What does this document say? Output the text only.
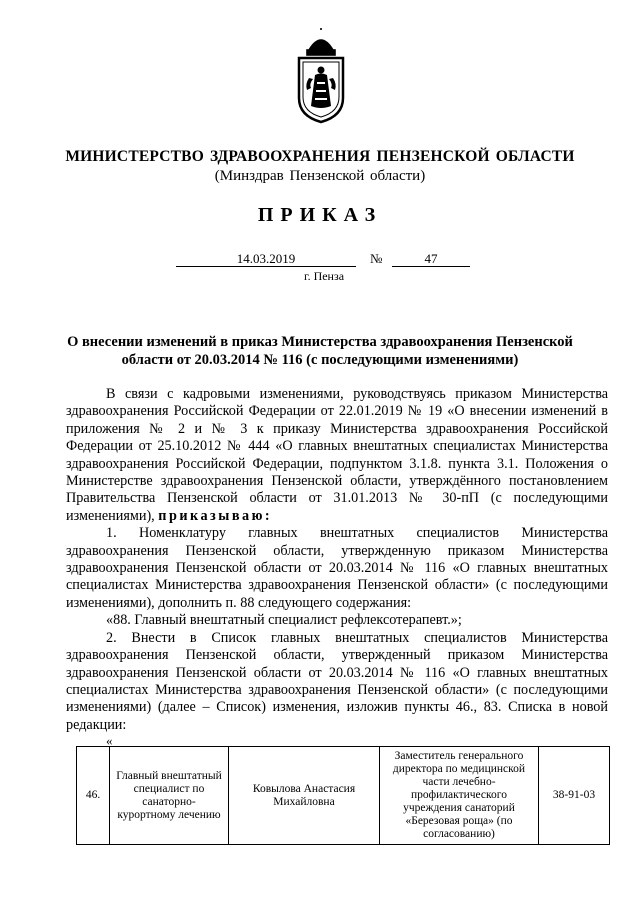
МИНИСТЕРСТВО ЗДРАВООХРАНЕНИЯ ПЕНЗЕНСКОЙ ОБЛАСТИ
(Минздрав Пензенской области)
ПРИКАЗ
14.03.2019	№	47
г. Пенза
О внесении изменений в приказ Министерства здравоохранения Пензенской области от 20.03.2014 № 116 (с последующими изменениями)

В связи с кадровыми изменениями, руководствуясь приказом Министерства здравоохранения Российской Федерации от 22.01.2019 № 19 «О внесении изменений в приложения № 2 и № 3 к приказу Министерства здравоохранения Российской Федерации от 25.10.2012 № 444 «О главных внештатных специалистах Министерства здравоохранения Российской Федерации, подпунктом 3.1.8. пункта 3.1. Положения о Министерстве здравоохранения Пензенской области, утверждённого постановлением Правительства Пензенской области от 31.01.2013 № 30-пП (с последующими изменениями), приказываю:

1. Номенклатуру главных внештатных специалистов Министерства здравоохранения Пензенской области, утвержденную приказом Министерства здравоохранения Пензенской области от 20.03.2014 № 116 «О главных внештатных специалистах Министерства здравоохранения Пензенской области» (с последующими изменениями), дополнить п. 88 следующего содержания:

«88. Главный внештатный специалист рефлексотерапевт.»;

2. Внести в Список главных внештатных специалистов Министерства здравоохранения Пензенской области, утвержденный приказом Министерства здравоохранения Пензенской области от 20.03.2014 № 116 «О главных внештатных специалистах Министерства здравоохранения Пензенской области» (с последующими изменениями) (далее – Список) изменения, изложив пункты 46., 83. Списка в новой редакции:

«
46.	Главный внештатный специалист по санаторно-курортному лечению	Ковылова Анастасия Михайловна	Заместитель генерального директора по медицинской части лечебно-профилактического учреждения санаторий «Березовая роща» (по согласованию)	38-91-03
